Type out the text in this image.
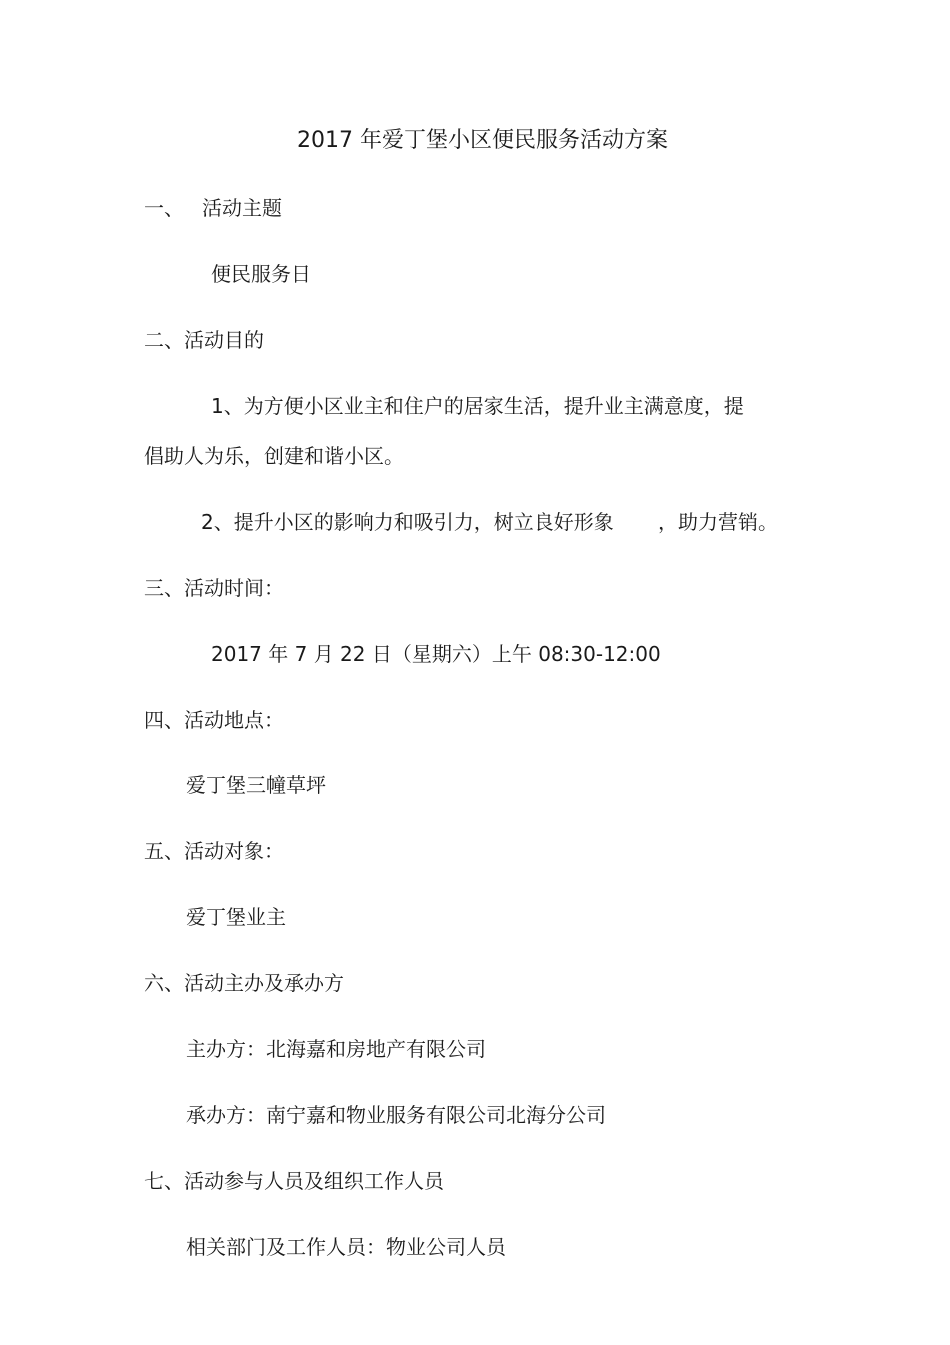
2017 年爱丁堡小区便民服务活动方案
一、 活动主题
便民服务日
二、活动目的
1、为方便小区业主和住户的居家生活，提升业主满意度，提
倡助人为乐，创建和谐小区。
2、提升小区的影响力和吸引力，树立良好形象 ，助力营销。
三、活动时间：
2017 年 7 月 22 日（星期六）上午 08:30-12:00
四、活动地点：
爱丁堡三幢草坪
五、活动对象：
爱丁堡业主
六、活动主办及承办方
主办方：北海嘉和房地产有限公司
承办方：南宁嘉和物业服务有限公司北海分公司
七、活动参与人员及组织工作人员
相关部门及工作人员：物业公司人员
